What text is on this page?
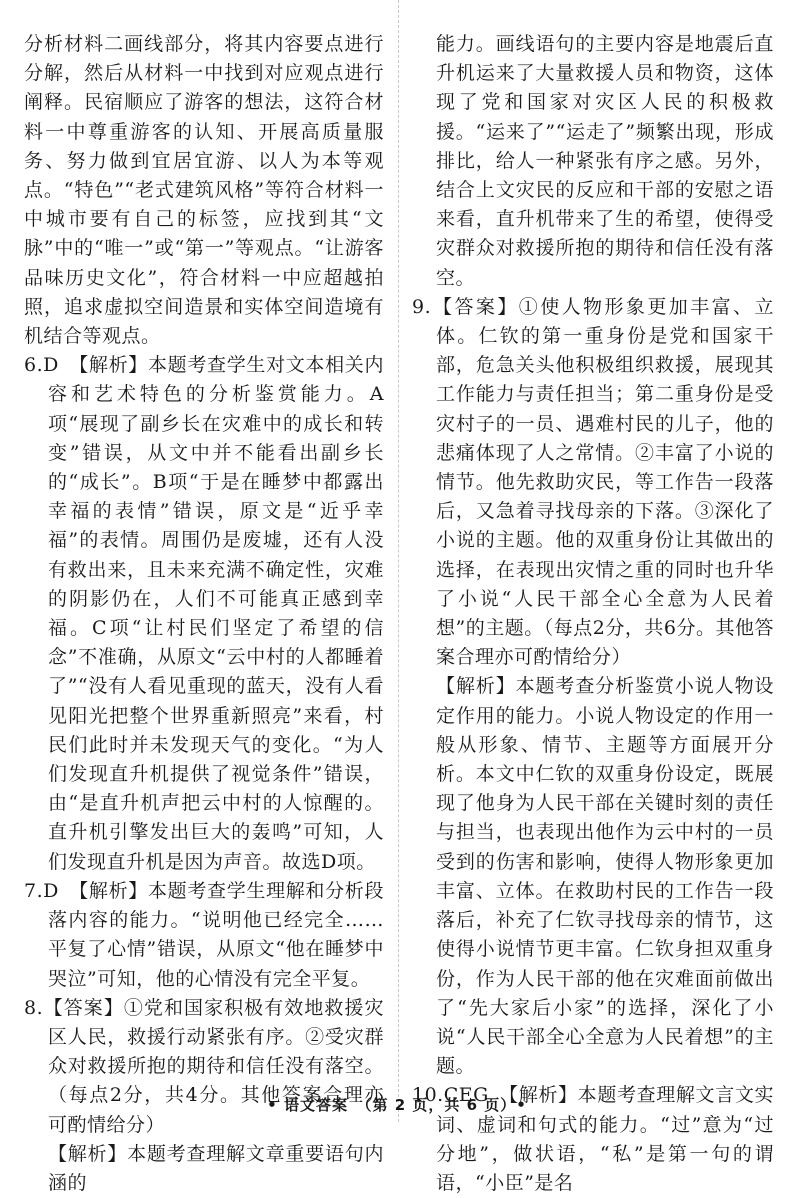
分析材料二画线部分，将其内容要点进行分解，然后从材料一中找到对应观点进行阐释。民宿顺应了游客的想法，这符合材料一中尊重游客的认知、开展高质量服务、努力做到宜居宜游、以人为本等观点。“特色”“老式建筑风格”等符合材料一中城市要有自己的标签，应找到其“文脉”中的“唯一”或“第一”等观点。“让游客品味历史文化”，符合材料一中应超越拍照，追求虚拟空间造景和实体空间造境有机结合等观点。

6.D　【解析】本题考查学生对文本相关内容和艺术特色的分析鉴赏能力。A项“展现了副乡长在灾难中的成长和转变”错误，从文中并不能看出副乡长的“成长”。B项“于是在睡梦中都露出幸福的表情”错误，原文是“近乎幸福”的表情。周围仍是废墟，还有人没有救出来，且未来充满不确定性，灾难的阴影仍在，人们不可能真正感到幸福。C项“让村民们坚定了希望的信念”不准确，从原文“云中村的人都睡着了”“没有人看见重现的蓝天，没有人看见阳光把整个世界重新照亮”来看，村民们此时并未发现天气的变化。“为人们发现直升机提供了视觉条件”错误，由“是直升机声把云中村的人惊醒的。直升机引擎发出巨大的轰鸣”可知，人们发现直升机是因为声音。故选D项。

7.D　【解析】本题考查学生理解和分析段落内容的能力。“说明他已经完全……平复了心情”错误，从原文“他在睡梦中哭泣”可知，他的心情没有完全平复。

8.【答案】①党和国家积极有效地救援灾区人民，救援行动紧张有序。②受灾群众对救援所抱的期待和信任没有落空。（每点2分，共4分。其他答案合理亦可酌情给分）

【解析】本题考查理解文章重要语句内涵的

能力。画线语句的主要内容是地震后直升机运来了大量救援人员和物资，这体现了党和国家对灾区人民的积极救援。“运来了”“运走了”频繁出现，形成排比，给人一种紧张有序之感。另外，结合上文灾民的反应和干部的安慰之语来看，直升机带来了生的希望，使得受灾群众对救援所抱的期待和信任没有落空。

9.【答案】①使人物形象更加丰富、立体。仁钦的第一重身份是党和国家干部，危急关头他积极组织救援，展现其工作能力与责任担当；第二重身份是受灾村子的一员、遇难村民的儿子，他的悲痛体现了人之常情。②丰富了小说的情节。他先救助灾民，等工作告一段落后，又急着寻找母亲的下落。③深化了小说的主题。他的双重身份让其做出的选择，在表现出灾情之重的同时也升华了小说“人民干部全心全意为人民着想”的主题。（每点2分，共6分。其他答案合理亦可酌情给分）

【解析】本题考查分析鉴赏小说人物设定作用的能力。小说人物设定的作用一般从形象、情节、主题等方面展开分析。本文中仁钦的双重身份设定，既展现了他身为人民干部在关键时刻的责任与担当，也表现出他作为云中村的一员受到的伤害和影响，使得人物形象更加丰富、立体。在救助村民的工作告一段落后，补充了仁钦寻找母亲的情节，这使得小说情节更丰富。仁钦身担双重身份，作为人民干部的他在灾难面前做出了“先大家后小家”的选择，深化了小说“人民干部全心全意为人民着想”的主题。

10.CEG　【解析】本题考查理解文言文实词、虚词和句式的能力。“过”意为“过分地”，做状语，“私”是第一句的谓语，“小臣”是名

• 语文答案　（第 2 页，共 6 页）•
